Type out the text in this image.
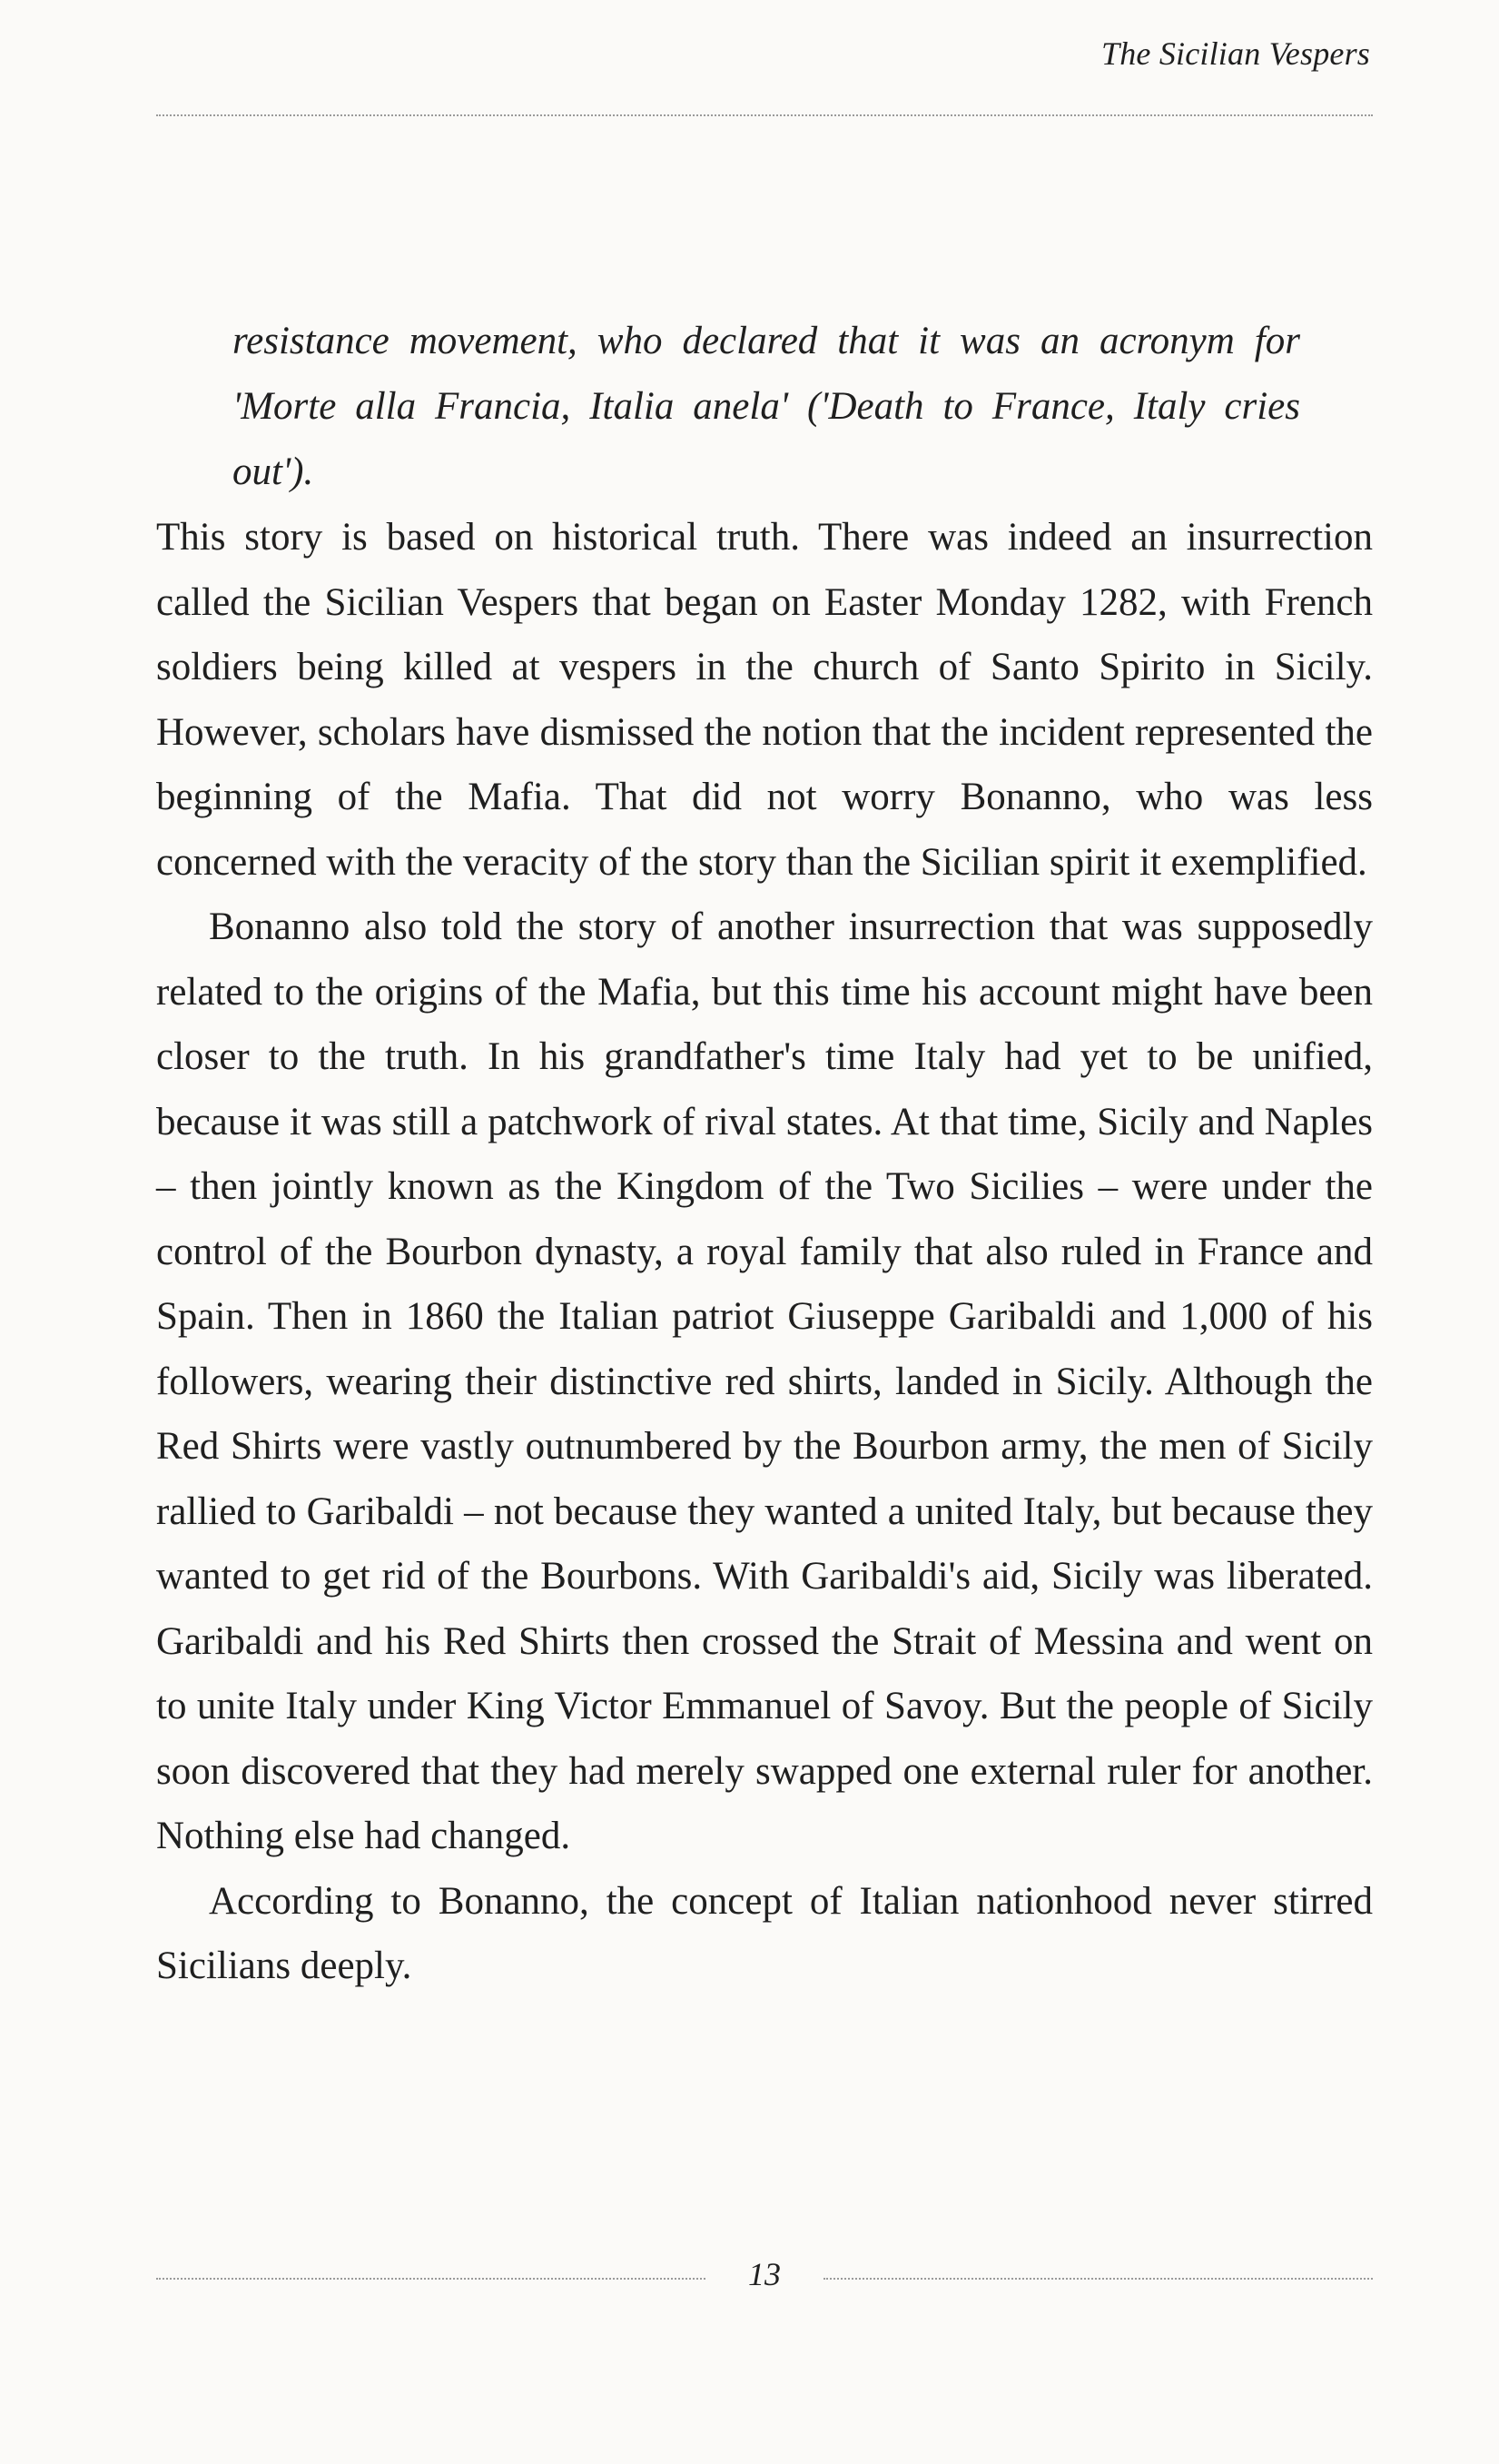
The Sicilian Vespers
resistance movement, who declared that it was an acronym for 'Morte alla Francia, Italia anela' ('Death to France, Italy cries out').

This story is based on historical truth. There was indeed an insurrection called the Sicilian Vespers that began on Easter Monday 1282, with French soldiers being killed at vespers in the church of Santo Spirito in Sicily. However, scholars have dismissed the notion that the incident represented the beginning of the Mafia. That did not worry Bonanno, who was less concerned with the veracity of the story than the Sicilian spirit it exemplified.

Bonanno also told the story of another insurrection that was supposedly related to the origins of the Mafia, but this time his account might have been closer to the truth. In his grandfather's time Italy had yet to be unified, because it was still a patchwork of rival states. At that time, Sicily and Naples – then jointly known as the Kingdom of the Two Sicilies – were under the control of the Bourbon dynasty, a royal family that also ruled in France and Spain. Then in 1860 the Italian patriot Giuseppe Garibaldi and 1,000 of his followers, wearing their distinctive red shirts, landed in Sicily. Although the Red Shirts were vastly outnumbered by the Bourbon army, the men of Sicily rallied to Garibaldi – not because they wanted a united Italy, but because they wanted to get rid of the Bourbons. With Garibaldi's aid, Sicily was liberated. Garibaldi and his Red Shirts then crossed the Strait of Messina and went on to unite Italy under King Victor Emmanuel of Savoy. But the people of Sicily soon discovered that they had merely swapped one external ruler for another. Nothing else had changed.

According to Bonanno, the concept of Italian nationhood never stirred Sicilians deeply.

13
